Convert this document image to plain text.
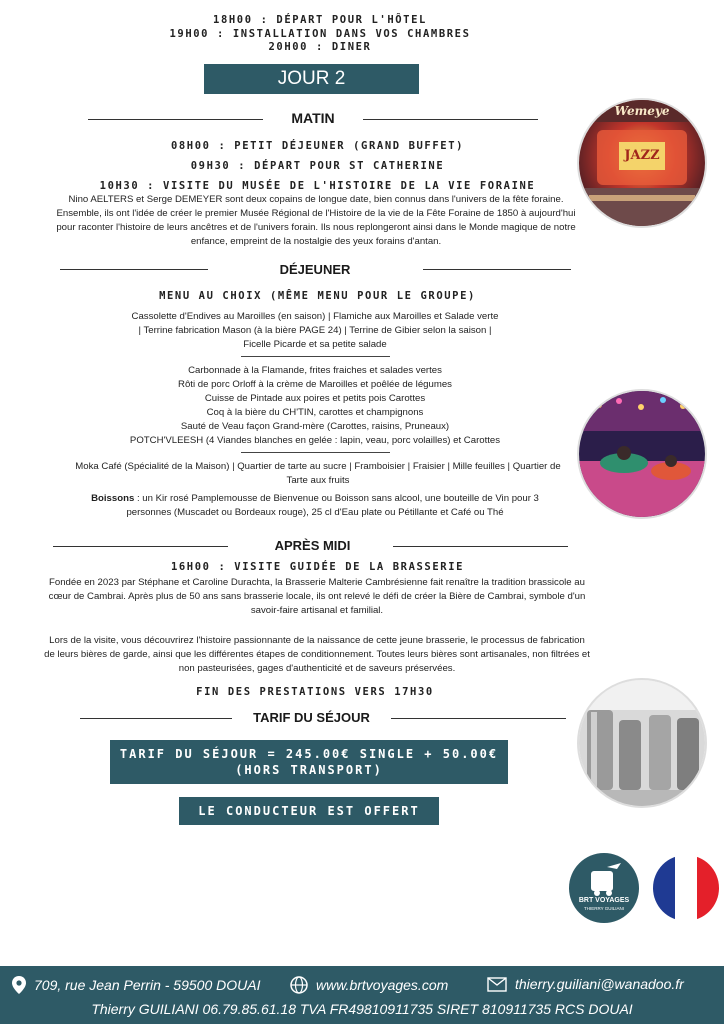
18H00 : DÉPART POUR L'HÔTEL
19H00 : INSTALLATION DANS VOS CHAMBRES
20H00 : DINER
JOUR 2
MATIN
08H00 : PETIT DÉJEUNER (GRAND BUFFET)
09H30 : DÉPART POUR ST CATHERINE
10H30 : VISITE DU MUSÉE DE L'HISTOIRE DE LA VIE FORAINE
Nino AELTERS et Serge DEMEYER sont deux copains de longue date, bien connus dans l'univers de la fête foraine. Ensemble, ils ont l'idée de créer le premier Musée Régional de l'Histoire de la vie de la Fête Foraine de 1850 à aujourd'hui pour raconter l'histoire de leurs ancêtres et de l'univers forain. Ils nous replongeront ainsi dans le Monde magique de notre enfance, empreint de la nostalgie des yeux forains d'antan.
DÉJEUNER
MENU AU CHOIX (MÊME MENU POUR LE GROUPE)
Cassolette d'Endives au Maroilles (en saison) | Flamiche aux Maroilles et Salade verte
| Terrine fabrication Mason (à la bière PAGE 24) | Terrine de Gibier selon la saison |
Ficelle Picarde et sa petite salade
Carbonnade à la Flamande, frites fraiches et salades vertes
Rôti de porc Orloff à la crème de Maroilles et poêlée de légumes
Cuisse de Pintade aux poires et petits pois Carottes
Coq à la bière du CH'TIN, carottes et champignons
Sauté de Veau façon Grand-mère (Carottes, raisins, Pruneaux)
POTCH'VLEESH (4 Viandes blanches en gelée : lapin, veau, porc volailles) et Carottes
Moka Café (Spécialité de la Maison) | Quartier de tarte au sucre | Framboisier | Fraisier | Mille feuilles | Quartier de
Tarte aux fruits
Boissons : un Kir rosé Pamplemousse de Bienvenue ou Boisson sans alcool, une bouteille de Vin pour 3
personnes (Muscadet ou Bordeaux rouge), 25 cl d'Eau plate ou Pétillante et Café ou Thé
APRÈS MIDI
16H00 : VISITE GUIDÉE DE LA BRASSERIE
Fondée en 2023 par Stéphane et Caroline Durachta, la Brasserie Malterie Cambrésienne fait renaître la tradition brassicole au cœur de Cambrai. Après plus de 50 ans sans brasserie locale, ils ont relevé le défi de créer la Bière de Cambrai, symbole d'un savoir-faire artisanal et familial.
Lors de la visite, vous découvrirez l'histoire passionnante de la naissance de cette jeune brasserie, le processus de fabrication de leurs bières de garde, ainsi que les différentes étapes de conditionnement. Toutes leurs bières sont artisanales, non filtrées et non pasteurisées, gages d'authenticité et de saveurs préservées.
FIN DES PRESTATIONS VERS 17H30
TARIF DU SÉJOUR
TARIF DU SÉJOUR = 245.00€ SINGLE + 50.00€
(HORS TRANSPORT)
LE CONDUCTEUR EST OFFERT
Wemeye
JAZZ
BRT VOYAGES
THIERRY GUILIANI
709, rue Jean Perrin - 59500 DOUAI	www.brtvoyages.com	thierry.guiliani@wanadoo.fr
Thierry GUILIANI 06.79.85.61.18 TVA FR49810911735 SIRET 810911735 RCS DOUAI
